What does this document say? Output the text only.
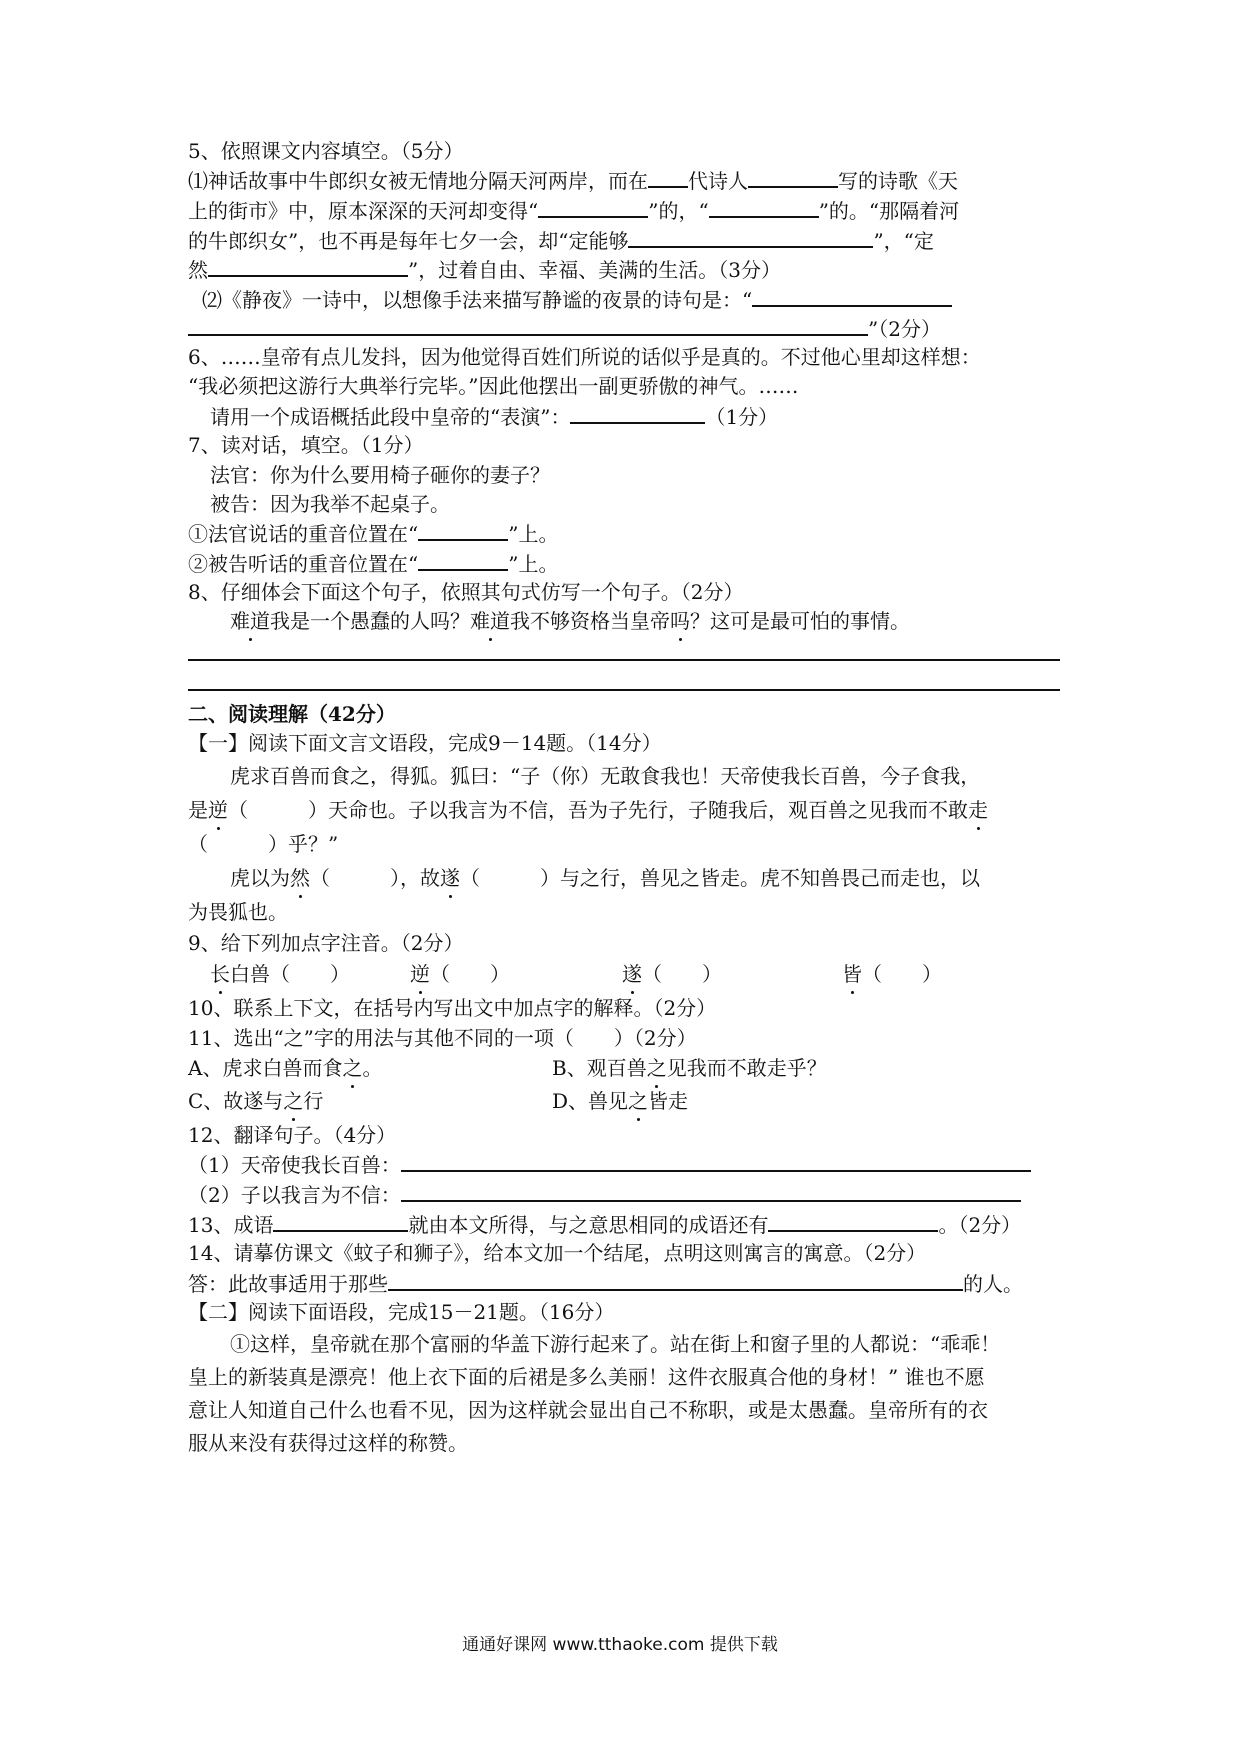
5、依照课文内容填空。（5分）
⑴神话故事中牛郎织女被无情地分隔天河两岸，而在 代诗人	写的诗歌《天
上的街市》中，原本深深的天河却变得“	”的，“	”的。“那隔着河
的牛郎织女”，也不再是每年七夕一会，却“定能够	”，“定
然	”，过着自由、幸福、美满的生活。（3分）
⑵《静夜》一诗中，以想像手法来描写静谧的夜景的诗句是：“
”（2分）
6、……皇帝有点儿发抖，因为他觉得百姓们所说的话似乎是真的。不过他心里却这样想：
“我必须把这游行大典举行完毕。”因此他摆出一副更骄傲的神气。……
请用一个成语概括此段中皇帝的“表演”：	（1分）
7、读对话，填空。（1分）
法官：你为什么要用椅子砸你的妻子？
被告：因为我举不起桌子。
①法官说话的重音位置在“	”上。
②被告听话的重音位置在“	”上。
8、仔细体会下面这个句子，依照其句式仿写一个句子。（2分）
难道我是一个愚蠢的人吗？难道我不够资格当皇帝吗？这可是最可怕的事情。
二、阅读理解（42分）
【一】阅读下面文言文语段，完成9－14题。（14分）
虎求百兽而食之，得狐。狐曰：“子（你）无敢食我也！天帝使我长百兽，今子食我，
是逆（　　　）天命也。子以我言为不信，吾为子先行，子随我后，观百兽之见我而不敢走
（　　　）乎？”
虎以为然（　　　），故遂（　　　）与之行，兽见之皆走。虎不知兽畏己而走也，以
为畏狐也。
9、给下列加点字注音。（2分）
长白兽（　　）	逆（　　）	遂（　　）	皆（　　）
10、联系上下文，在括号内写出文中加点字的解释。（2分）
11、选出“之”字的用法与其他不同的一项（　　）（2分）
A、虎求白兽而食之。	B、观百兽之见我而不敢走乎？
C、故遂与之行	D、兽见之皆走
12、翻译句子。（4分）
（1）天帝使我长百兽：
（2）子以我言为不信：
13、成语	就由本文所得，与之意思相同的成语还有	。（2分）
14、请摹仿课文《蚊子和狮子》，给本文加一个结尾，点明这则寓言的寓意。（2分）
答：此故事适用于那些	的人。
【二】阅读下面语段，完成15－21题。（16分）
①这样，皇帝就在那个富丽的华盖下游行起来了。站在街上和窗子里的人都说：“乖乖！
皇上的新装真是漂亮！他上衣下面的后裙是多么美丽！这件衣服真合他的身材！” 谁也不愿
意让人知道自己什么也看不见，因为这样就会显出自己不称职，或是太愚蠢。皇帝所有的衣
服从来没有获得过这样的称赞。
通通好课网 www.tthaoke.com 提供下载
